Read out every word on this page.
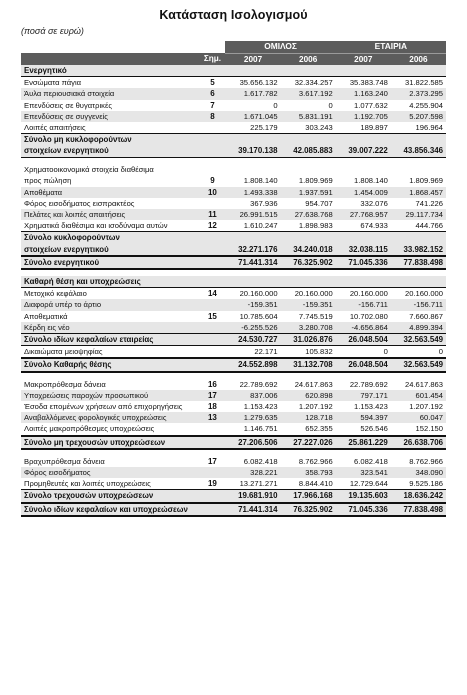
Κατάσταση Ισολογισμού
(ποσά σε ευρώ)
		ΟΜΙΛΟΣ		ΕΤΑΙΡΙΑ	
	Σημ.	2007	2006	2007	2006
Ενεργητικό					
Ενσώματα πάγια	5	35.656.132	32.334.257	35.383.748	31.822.585
Άυλα περιουσιακά στοιχεία	6	1.617.782	3.617.192	1.163.240	2.373.295
Επενδύσεις σε θυγατρικές	7	0	0	1.077.632	4.255.904
Επενδύσεις σε συγγενείς	8	1.671.045	5.831.191	1.192.705	5.207.598
Λοιπές απαιτήσεις		225.179	303.243	189.897	196.964
Σύνολο μη κυκλοφορούντων					
στοιχείων ενεργητικού		39.170.138	42.085.883	39.007.222	43.856.346

Χρηματοοικονομικά στοιχεία διαθέσιμα					
προς πώληση	9	1.808.140	1.809.969	1.808.140	1.809.969
Αποθέματα	10	1.493.338	1.937.591	1.454.009	1.868.457
Φόρος εισοδήματος εισπρακτέος		367.936	954.707	332.076	741.226
Πελάτες και λοιπές απαιτήσεις	11	26.991.515	27.638.768	27.768.957	29.117.734
Χρηματικά διαθέσιμα και ισοδύναμα αυτών	12	1.610.247	1.898.983	674.933	444.766
Σύνολο κυκλοφορούντων					
στοιχείων ενεργητικού		32.271.176	34.240.018	32.038.115	33.982.152
Σύνολο ενεργητικού		71.441.314	76.325.902	71.045.336	77.838.498

Καθαρή θέση και υποχρεώσεις					
Μετοχικό κεφάλαιο	14	20.160.000	20.160.000	20.160.000	20.160.000
Διαφορά υπέρ το άρτιο		-159.351	-159.351	-156.711	-156.711
Αποθεματικά	15	10.785.604	7.745.519	10.702.080	7.660.867
Κέρδη εις νέο		-6.255.526	3.280.708	-4.656.864	4.899.394
Σύνολο ιδίων κεφαλαίων εταιρείας		24.530.727	31.026.876	26.048.504	32.563.549
Δικαιώματα μειοψηφίας		22.171	105.832	0	0
Σύνολο Καθαρής θέσης		24.552.898	31.132.708	26.048.504	32.563.549

Μακροπρόθεσμα δάνεια	16	22.789.692	24.617.863	22.789.692	24.617.863
Υποχρεώσεις παροχών προσωπικού	17	837.006	620.898	797.171	601.454
Έσοδα επομένων χρήσεων από επιχορηγήσεις	18	1.153.423	1.207.192	1.153.423	1.207.192
Αναβαλλόμενες φορολογικές υποχρεώσεις	13	1.279.635	128.718	594.397	60.047
Λοιπές μακροπρόθεσμες υποχρεώσεις		1.146.751	652.355	526.546	152.150
Σύνολο μη τρεχουσών υποχρεώσεων		27.206.506	27.227.026	25.861.229	26.638.706

Βραχυπρόθεσμα δάνεια	17	6.082.418	8.762.966	6.082.418	8.762.966
Φόρος εισοδήματος		328.221	358.793	323.541	348.090
Προμηθευτές και λοιπές υποχρεώσεις	19	13.271.271	8.844.410	12.729.644	9.525.186
Σύνολο τρεχουσών υποχρεώσεων		19.681.910	17.966.168	19.135.603	18.636.242
Σύνολο ιδίων κεφαλαίων και υποχρεώσεων		71.441.314	76.325.902	71.045.336	77.838.498
